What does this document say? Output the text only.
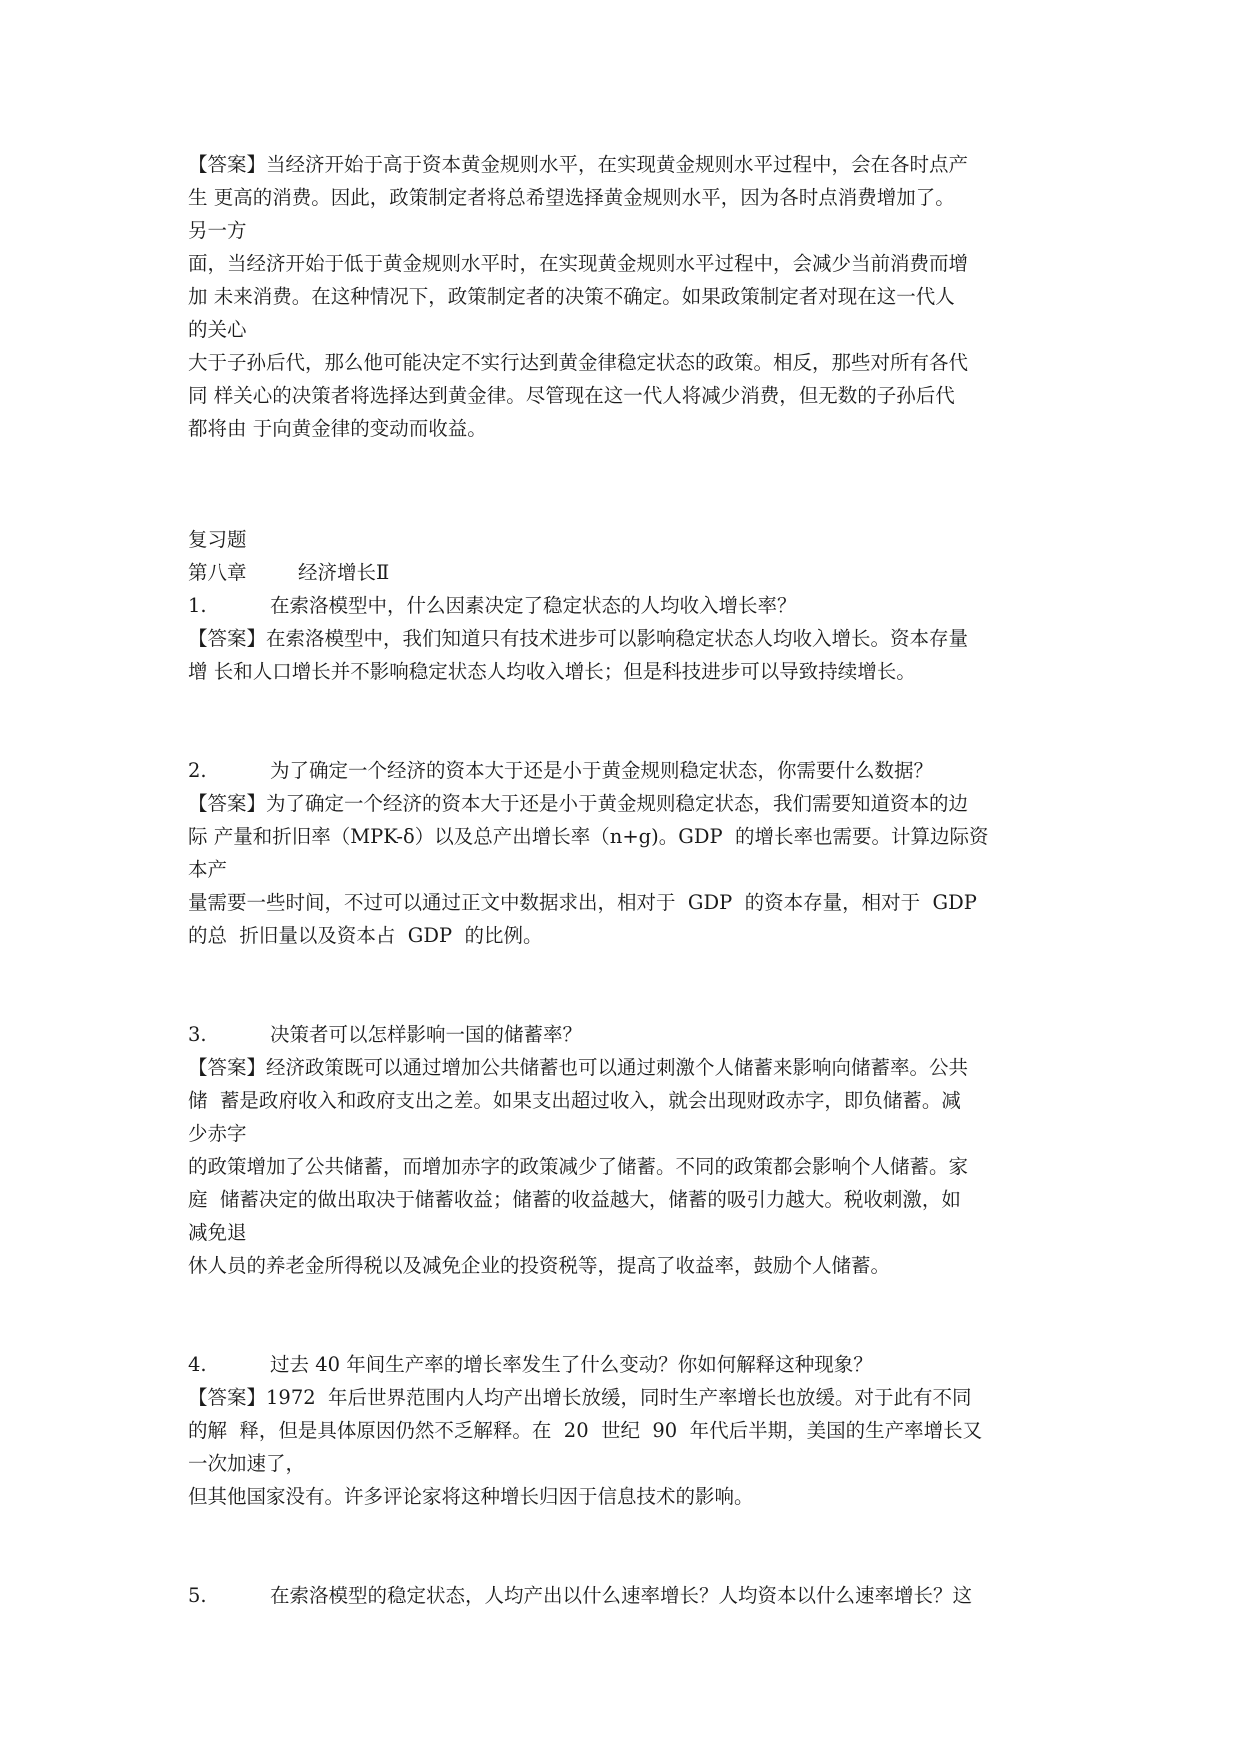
【答案】当经济开始于高于资本黄金规则水平，在实现黄金规则水平过程中，会在各时点产

生 更高的消费。因此，政策制定者将总希望选择黄金规则水平，因为各时点消费增加了。

另一方

面，当经济开始于低于黄金规则水平时，在实现黄金规则水平过程中，会减少当前消费而增

加 未来消费。在这种情况下，政策制定者的决策不确定。如果政策制定者对现在这一代人

的关心

大于子孙后代，那么他可能决定不实行达到黄金律稳定状态的政策。相反，那些对所有各代

同 样关心的决策者将选择达到黄金律。尽管现在这一代人将减少消费，但无数的子孙后代

都将由 于向黄金律的变动而收益。

复习题

第八章	经济增长Ⅱ
1.	在索洛模型中，什么因素决定了稳定状态的人均收入增长率？

【答案】在索洛模型中，我们知道只有技术进步可以影响稳定状态人均收入增长。资本存量

增 长和人口增长并不影响稳定状态人均收入增长；但是科技进步可以导致持续增长。

2.	为了确定一个经济的资本大于还是小于黄金规则稳定状态，你需要什么数据？

【答案】为了确定一个经济的资本大于还是小于黄金规则稳定状态，我们需要知道资本的边

际 产量和折旧率（MPK-δ）以及总产出增长率（n+g)。GDP  的增长率也需要。计算边际资

本产

量需要一些时间，不过可以通过正文中数据求出，相对于  GDP  的资本存量，相对于  GDP

的总  折旧量以及资本占  GDP  的比例。

3.	决策者可以怎样影响一国的储蓄率？

【答案】经济政策既可以通过增加公共储蓄也可以通过刺激个人储蓄来影响向储蓄率。公共

储  蓄是政府收入和政府支出之差。如果支出超过收入，就会出现财政赤字，即负储蓄。减

少赤字

的政策增加了公共储蓄，而增加赤字的政策减少了储蓄。不同的政策都会影响个人储蓄。家

庭  储蓄决定的做出取决于储蓄收益；储蓄的收益越大，储蓄的吸引力越大。税收刺激，如

减免退

休人员的养老金所得税以及减免企业的投资税等，提高了收益率，鼓励个人储蓄。

4.	过去 40 年间生产率的增长率发生了什么变动？你如何解释这种现象？

【答案】1972  年后世界范围内人均产出增长放缓，同时生产率增长也放缓。对于此有不同

的解  释，但是具体原因仍然不乏解释。在  20  世纪  90  年代后半期，美国的生产率增长又

一次加速了，

但其他国家没有。许多评论家将这种增长归因于信息技术的影响。

5.	在索洛模型的稳定状态，人均产出以什么速率增长？人均资本以什么速率增长？这
